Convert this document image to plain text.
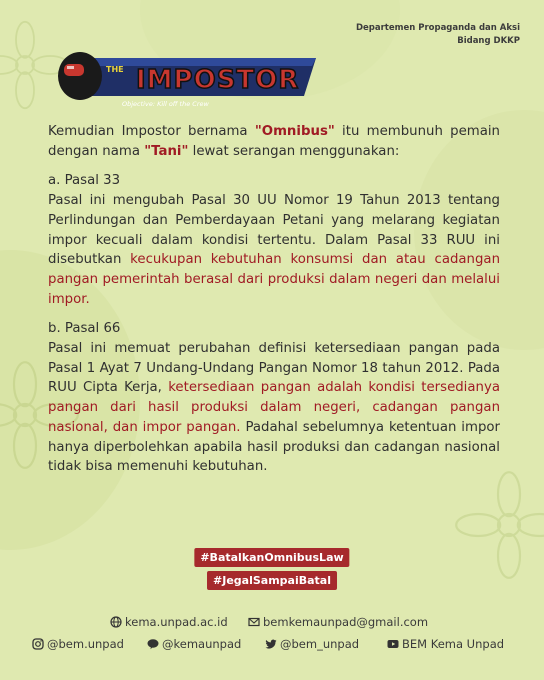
Departemen Propaganda dan Aksi
Bidang DKKP
THE IMPOSTOR
Objective: Kill off the Crew

Kemudian Impostor bernama "Omnibus" itu membunuh pemain dengan nama "Tani" lewat serangan menggunakan:

a. Pasal 33

Pasal ini mengubah Pasal 30 UU Nomor 19 Tahun 2013 tentang Perlindungan dan Pemberdayaan Petani yang melarang kegiatan impor kecuali dalam kondisi tertentu. Dalam Pasal 33 RUU ini disebutkan kecukupan kebutuhan konsumsi dan atau cadangan pangan pemerintah berasal dari produksi dalam negeri dan melalui impor.

b. Pasal 66

Pasal ini memuat perubahan definisi ketersediaan pangan pada Pasal 1 Ayat 7 Undang-Undang Pangan Nomor 18 tahun 2012. Pada RUU Cipta Kerja, ketersediaan pangan adalah kondisi tersedianya pangan dari hasil produksi dalam negeri, cadangan pangan nasional, dan impor pangan. Padahal sebelumnya ketentuan impor hanya diperbolehkan apabila hasil produksi dan cadangan nasional tidak bisa memenuhi kebutuhan.

#BatalkanOmnibusLaw
#JegalSampaiBatal
kema.unpad.ac.id	bemkemaunpad@gmail.com
@bem.unpad	@kemaunpad	@bem_unpad	BEM Kema Unpad
